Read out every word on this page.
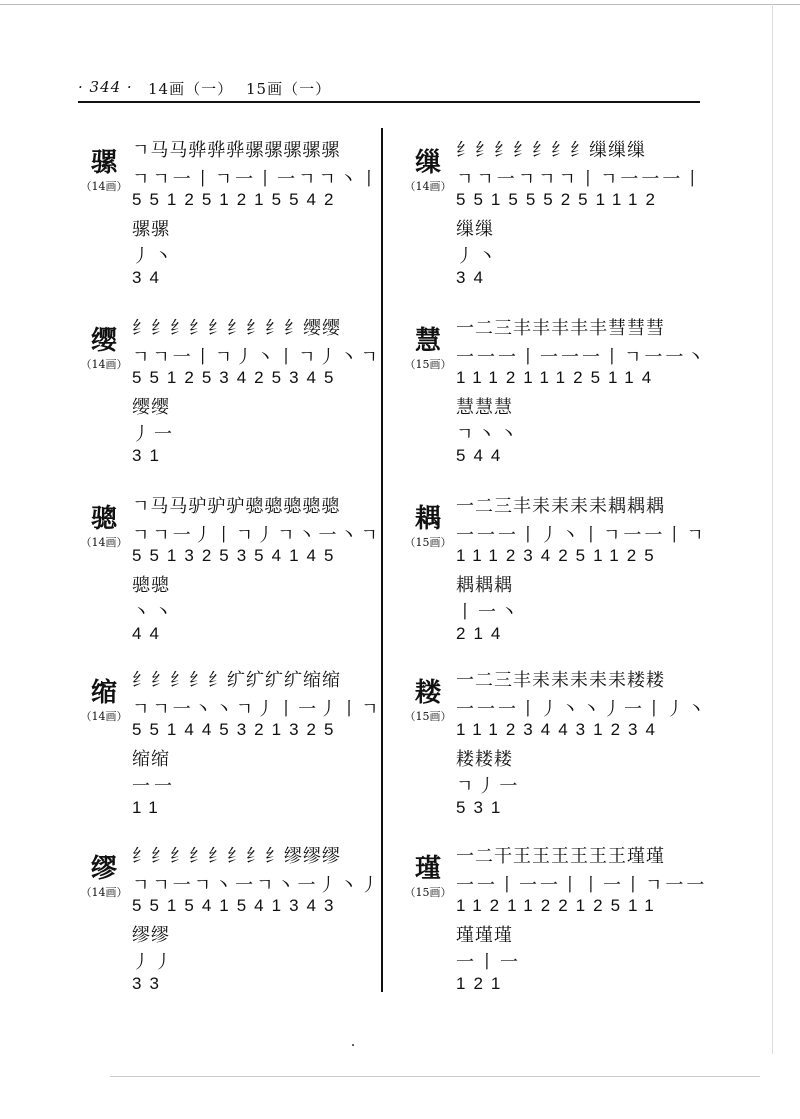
· 344 · 14画（一） 15画（一）
骡
（14画）
ㄱ马马骅骅骅骡骡骡骡骡
ㄱㄱ一丨ㄱ一丨一ㄱㄱ丶丨
551251215542
骡骡
丿丶
34
缨
（14画）
纟纟纟纟纟纟纟纟纟缨缨
ㄱㄱ一丨ㄱ丿丶丨ㄱ丿丶ㄱ
551253425345
缨缨
丿一
31
骢
（14画）
ㄱ马马驴驴驴骢骢骢骢骢
ㄱㄱ一丿丨ㄱ丿ㄱ丶一丶ㄱ
551325354145
骢骢
丶丶
44
缩
（14画）
纟纟纟纟纟纩纩纩纩缩缩
ㄱㄱ一丶丶ㄱ丿丨一丿丨ㄱ
551445321325
缩缩
一一
11
缪
（14画）
纟纟纟纟纟纟纟纟缪缪缪
ㄱㄱ一ㄱ丶一ㄱ丶一丿丶丿
551541541343
缪缪
丿丿
33
缫
（14画）
纟纟纟纟纟纟纟缫缫缫
ㄱㄱ一ㄱㄱㄱ丨ㄱ一一一丨
551555251112
缫缫
丿丶
34
慧
（15画）
一二三丰丰丰丰丰彗彗彗
一一一丨一一一丨ㄱ一一丶
111211125114
慧慧慧
ㄱ丶丶
544
耦
（15画）
一二三丰耒耒耒耒耦耦耦
一一一丨丿丶丨ㄱ一一丨ㄱ
111234251125
耦耦耦
丨一丶
214
耧
（15画）
一二三丰耒耒耒耒耒耧耧
一一一丨丿丶丶丿一丨丿丶
111234431234
耧耧耧
ㄱ丿一
531
瑾
（15画）
一二干王王王王王王瑾瑾
一一丨一一丨丨一丨ㄱ一一
112112212511
瑾瑾瑾
一丨一
121
